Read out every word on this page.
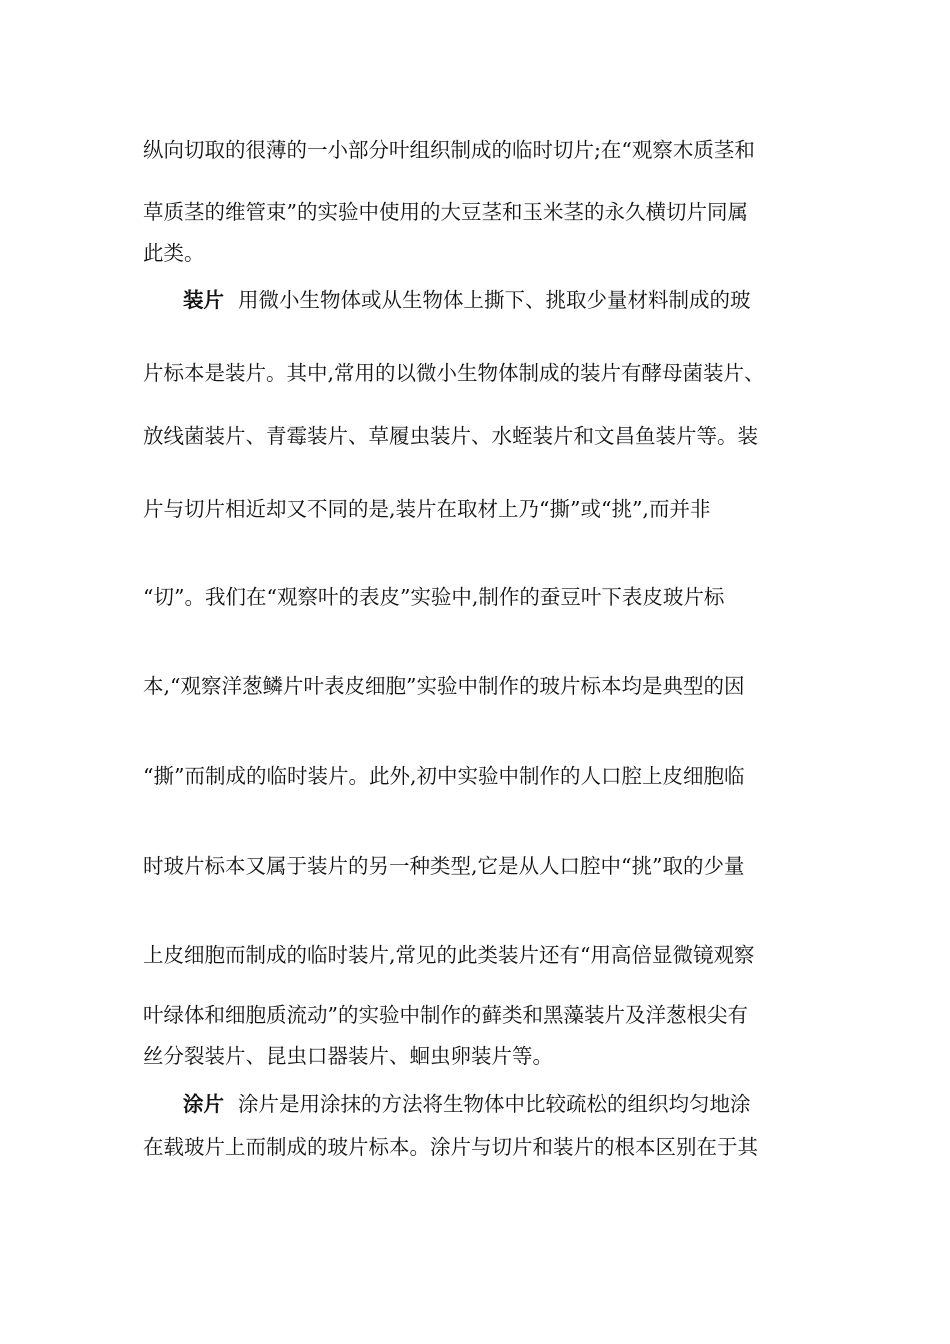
纵向切取的很薄的一小部分叶组织制成的临时切片;在“观察木质茎和
草质茎的维管束”的实验中使用的大豆茎和玉米茎的永久横切片同属
此类。
装片 用微小生物体或从生物体上撕下、挑取少量材料制成的玻
片标本是装片。其中,常用的以微小生物体制成的装片有酵母菌装片、
放线菌装片、青霉装片、草履虫装片、水蛭装片和文昌鱼装片等。装
片与切片相近却又不同的是,装片在取材上乃“撕”或“挑”,而并非
“切”。我们在“观察叶的表皮”实验中,制作的蚕豆叶下表皮玻片标
本,“观察洋葱鳞片叶表皮细胞”实验中制作的玻片标本均是典型的因
“撕”而制成的临时装片。此外,初中实验中制作的人口腔上皮细胞临
时玻片标本又属于装片的另一种类型,它是从人口腔中“挑”取的少量
上皮细胞而制成的临时装片,常见的此类装片还有“用高倍显微镜观察
叶绿体和细胞质流动”的实验中制作的藓类和黑藻装片及洋葱根尖有
丝分裂装片、昆虫口器装片、蛔虫卵装片等。
涂片 涂片是用涂抹的方法将生物体中比较疏松的组织均匀地涂
在载玻片上而制成的玻片标本。涂片与切片和装片的根本区别在于其
